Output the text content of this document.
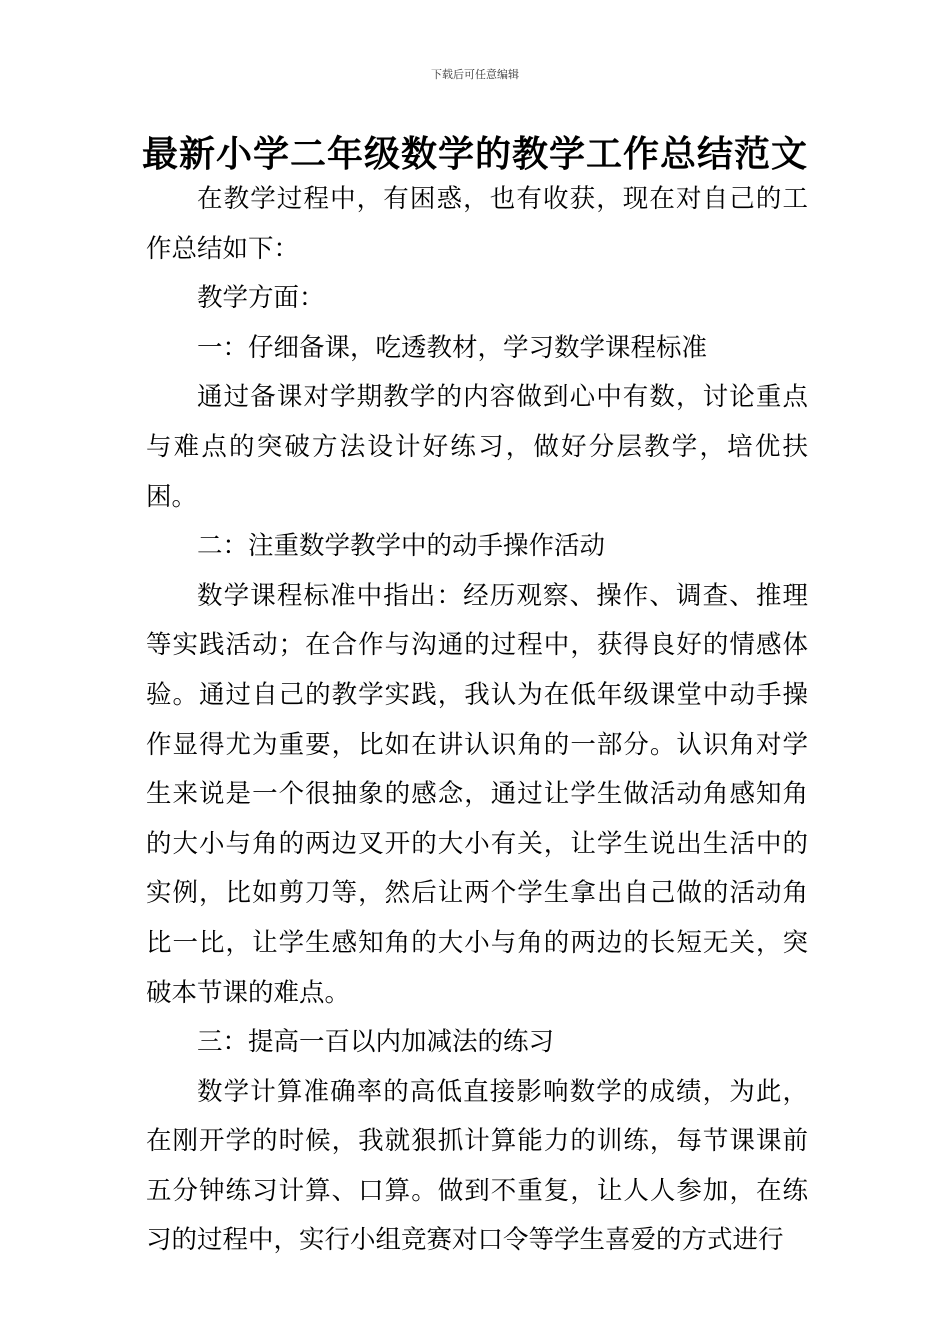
下载后可任意编辑
最新小学二年级数学的教学工作总结范文

在教学过程中，有困惑，也有收获，现在对自己的工作总结如下：

教学方面：

一：仔细备课，吃透教材，学习数学课程标准

通过备课对学期教学的内容做到心中有数，讨论重点与难点的突破方法设计好练习，做好分层教学，培优扶困。

二：注重数学教学中的动手操作活动

数学课程标准中指出：经历观察、操作、调查、推理等实践活动；在合作与沟通的过程中，获得良好的情感体验。通过自己的教学实践，我认为在低年级课堂中动手操作显得尤为重要，比如在讲认识角的一部分。认识角对学生来说是一个很抽象的感念，通过让学生做活动角感知角的大小与角的两边叉开的大小有关，让学生说出生活中的实例，比如剪刀等，然后让两个学生拿出自己做的活动角比一比，让学生感知角的大小与角的两边的长短无关，突破本节课的难点。

三：提高一百以内加减法的练习

数学计算准确率的高低直接影响数学的成绩，为此，在刚开学的时候，我就狠抓计算能力的训练，每节课课前五分钟练习计算、口算。做到不重复，让人人参加，在练习的过程中，实行小组竞赛对口令等学生喜爱的方式进行
